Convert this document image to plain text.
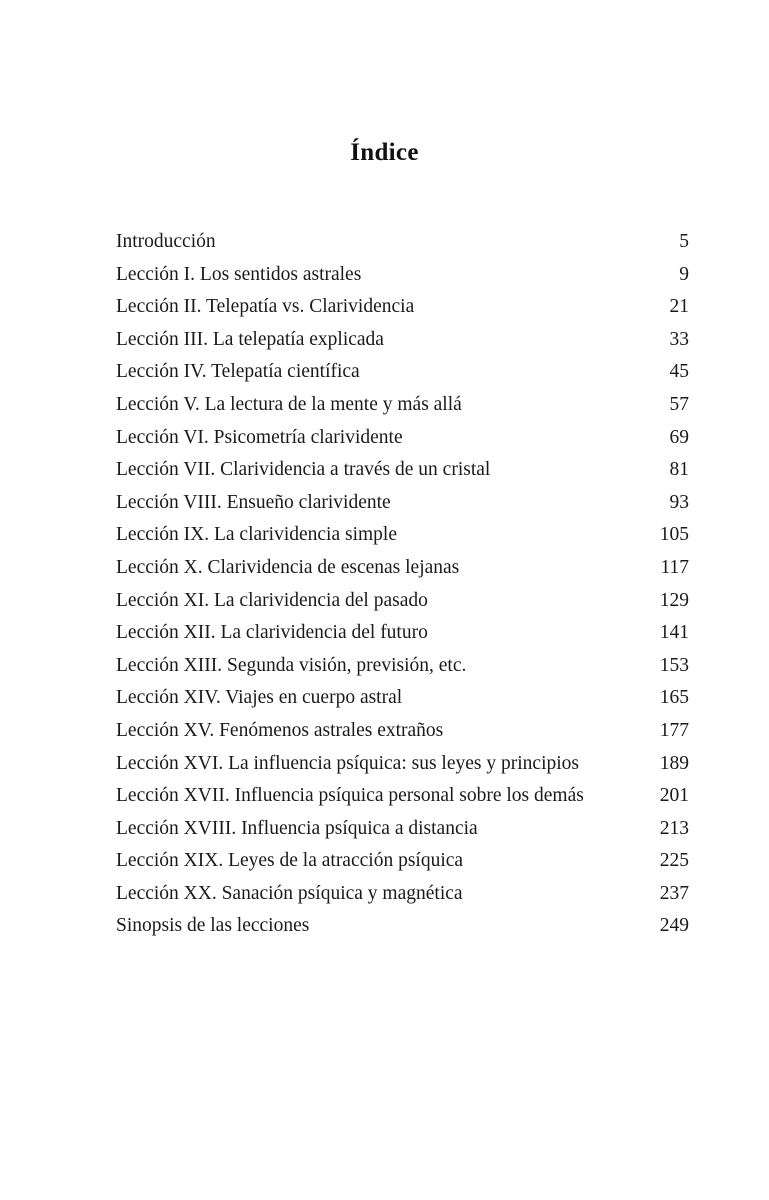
Índice
Introducción	5
Lección I. Los sentidos astrales	9
Lección II. Telepatía vs. Clarividencia	21
Lección III. La telepatía explicada	33
Lección IV. Telepatía científica	45
Lección V. La lectura de la mente y más allá	57
Lección VI. Psicometría clarividente	69
Lección VII. Clarividencia a través de un cristal	81
Lección VIII. Ensueño clarividente	93
Lección IX. La clarividencia simple	105
Lección X. Clarividencia de escenas lejanas	117
Lección XI. La clarividencia del pasado	129
Lección XII. La clarividencia del futuro	141
Lección XIII. Segunda visión, previsión, etc.	153
Lección XIV. Viajes en cuerpo astral	165
Lección XV. Fenómenos astrales extraños	177
Lección XVI. La influencia psíquica: sus leyes y principios	189
Lección XVII. Influencia psíquica personal sobre los demás	201
Lección XVIII. Influencia psíquica a distancia	213
Lección XIX. Leyes de la atracción psíquica	225
Lección XX. Sanación psíquica y magnética	237
Sinopsis de las lecciones	249
